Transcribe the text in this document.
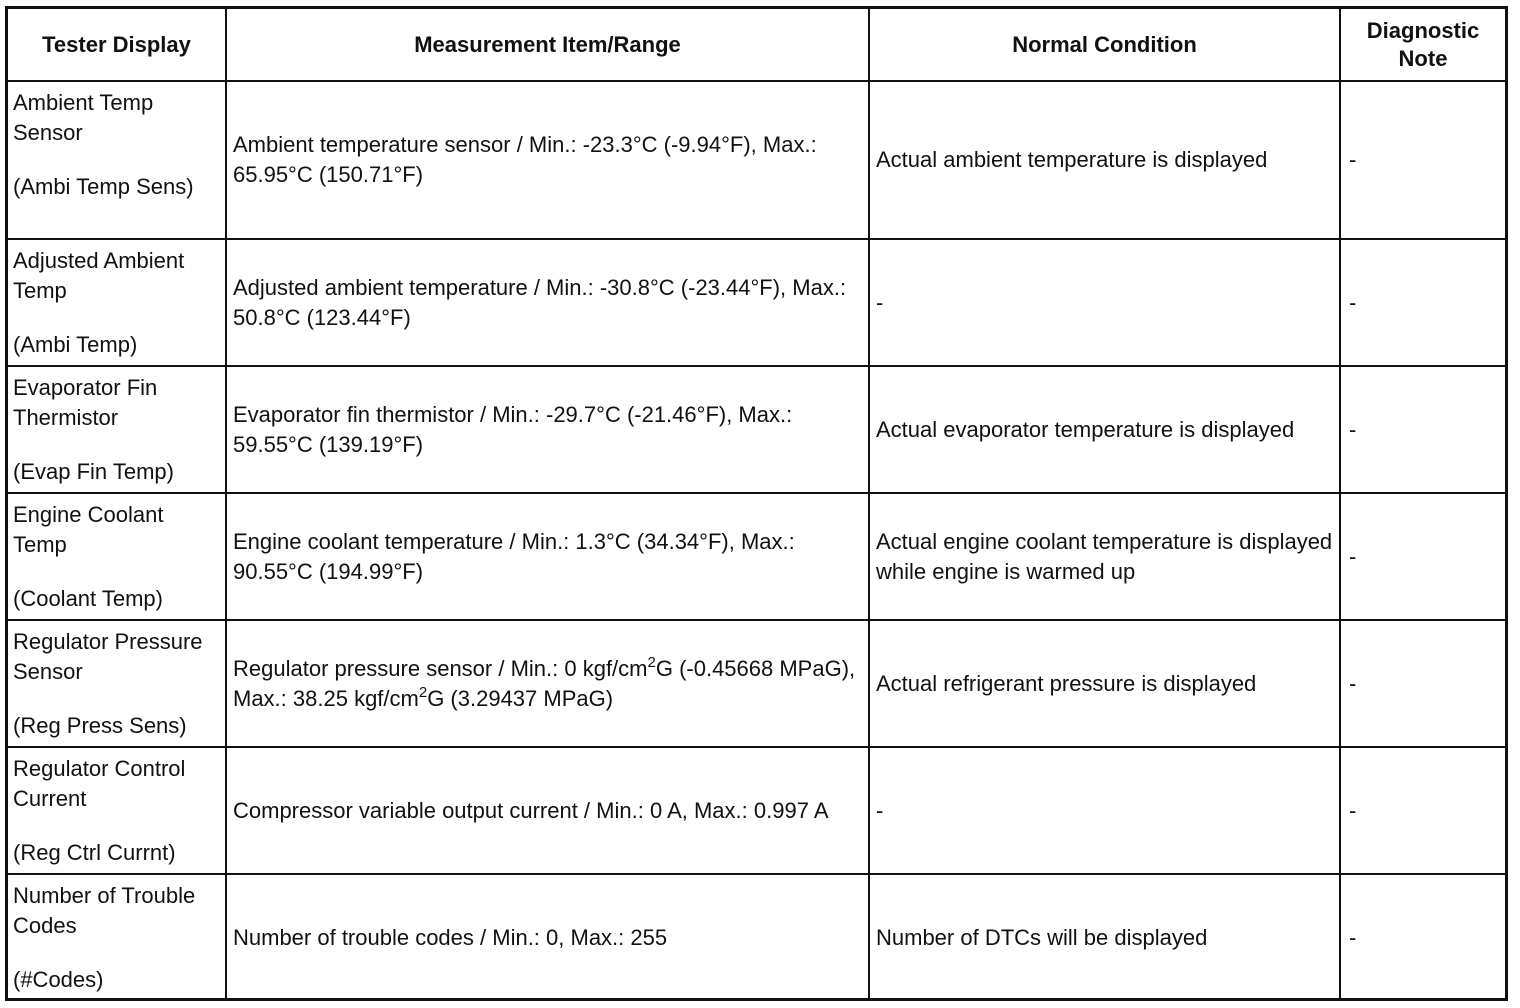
Tester Display	Measurement Item/Range	Normal Condition	Diagnostic Note

Ambient Temp Sensor
(Ambi Temp Sens)	Ambient temperature sensor / Min.: -23.3°C (-9.94°F), Max.: 65.95°C (150.71°F)	Actual ambient temperature is displayed	-

Adjusted Ambient Temp
(Ambi Temp)	Adjusted ambient temperature / Min.: -30.8°C (-23.44°F), Max.: 50.8°C (123.44°F)	-	-

Evaporator Fin Thermistor
(Evap Fin Temp)	Evaporator fin thermistor / Min.: -29.7°C (-21.46°F), Max.: 59.55°C (139.19°F)	Actual evaporator temperature is displayed	-

Engine Coolant Temp
(Coolant Temp)	Engine coolant temperature / Min.: 1.3°C (34.34°F), Max.: 90.55°C (194.99°F)	Actual engine coolant temperature is displayed while engine is warmed up	-

Regulator Pressure Sensor
(Reg Press Sens)	Regulator pressure sensor / Min.: 0 kgf/$cm^2G$ (-0.45668 MPaG), Max.: 38.25 kgf/$cm^2G$ (3.29437 MPaG)	Actual refrigerant pressure is displayed	-

Regulator Control Current
(Reg Ctrl Currnt)	Compressor variable output current / Min.: 0 A, Max.: 0.997 A	-	-

Number of Trouble Codes
(#Codes)	Number of trouble codes / Min.: 0, Max.: 255	Number of DTCs will be displayed	-
